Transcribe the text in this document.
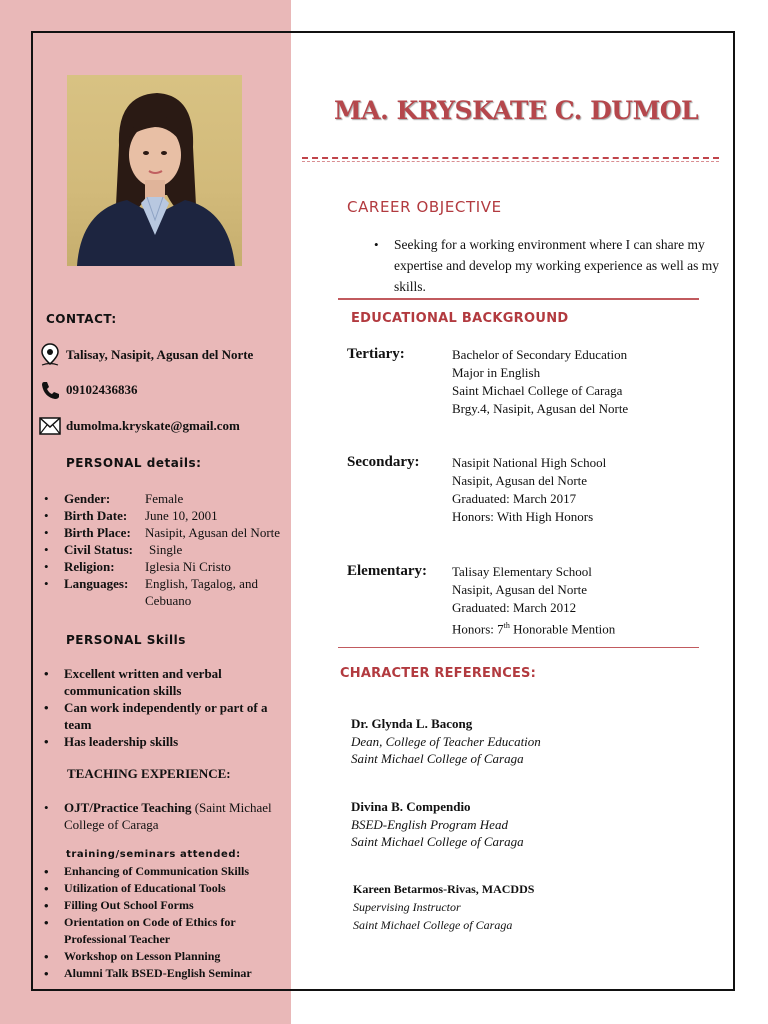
CONTACT:
Talisay, Nasipit, Agusan del Norte
09102436836
dumolma.kryskate@gmail.com
PERSONAL details:
• Gender:	Female
• Birth Date:	June 10, 2001
• Birth Place:	Nasipit, Agusan del Norte
• Civil Status:	Single
• Religion:	Iglesia Ni Cristo
• Languages:	English, Tagalog, and Cebuano
PERSONAL Skills
• Excellent written and verbal communication skills
• Can work independently or part of a team
• Has leadership skills
TEACHING EXPERIENCE:
• OJT/Practice Teaching (Saint Michael College of Caraga
training/seminars attended:
• Enhancing of Communication Skills
• Utilization of Educational Tools
• Filling Out School Forms
• Orientation on Code of Ethics for Professional Teacher
• Workshop on Lesson Planning
• Alumni Talk BSED-English Seminar
MA. KRYSKATE C. DUMOL
CAREER OBJECTIVE
• Seeking for a working environment where I can share my expertise and develop my working experience as well as my skills.
EDUCATIONAL BACKGROUND
Tertiary:	Bachelor of Secondary Education
Major in English
Saint Michael College of Caraga
Brgy.4, Nasipit, Agusan del Norte
Secondary:	Nasipit National High School
Nasipit, Agusan del Norte
Graduated: March 2017
Honors: With High Honors
Elementary: Talisay Elementary School
Nasipit, Agusan del Norte
Graduated: March 2012
Honors: 7th Honorable Mention
CHARACTER REFERENCES:
Dr. Glynda L. Bacong
Dean, College of Teacher Education
Saint Michael College of Caraga
Divina B. Compendio
BSED-English Program Head
Saint Michael College of Caraga
Kareen Betarmos-Rivas, MACDDS
Supervising Instructor
Saint Michael College of Caraga
